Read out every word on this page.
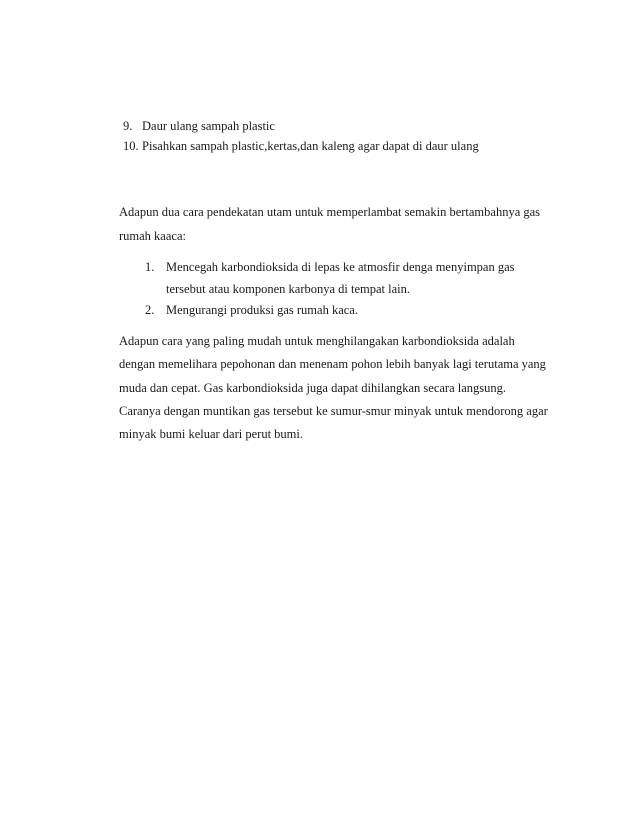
9. Daur ulang sampah plastic
10. Pisahkan sampah plastic,kertas,dan kaleng agar dapat di daur ulang
Adapun dua cara pendekatan utam untuk memperlambat semakin bertambahnya gas
rumah kaaca:
1. Mencegah karbondioksida di lepas ke atmosfir denga menyimpan gas
tersebut atau komponen karbonya di tempat lain.
2. Mengurangi produksi gas rumah kaca.
Adapun cara yang paling mudah untuk menghilangakan karbondioksida adalah
dengan memelihara pepohonan dan menenam pohon lebih banyak lagi terutama yang
muda dan cepat. Gas karbondioksida juga dapat dihilangkan secara langsung.
Caranya dengan muntikan gas tersebut ke sumur-smur minyak untuk mendorong agar
minyak bumi keluar dari perut bumi.
